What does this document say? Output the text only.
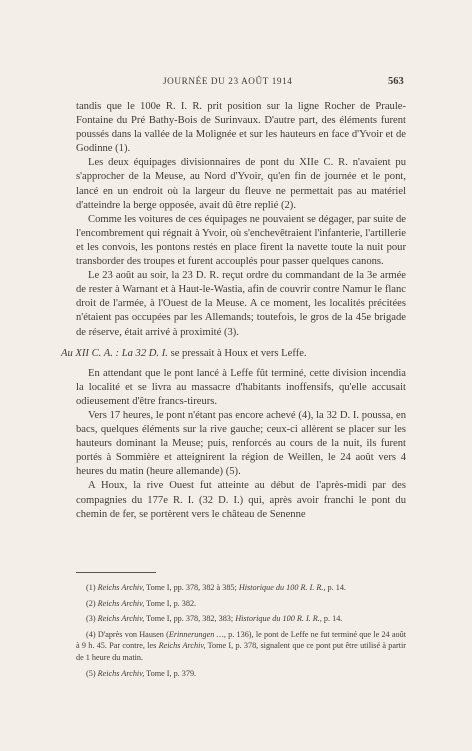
JOURNÉE DU 23 AOÛT 1914	563

tandis que le 100e R. I. R. prit position sur la ligne Rocher de Praule-Fontaine du Pré Bathy-Bois de Surinvaux. D'autre part, des éléments furent poussés dans la vallée de la Molignée et sur les hauteurs en face d'Yvoir et de Godinne (1).

Les deux équipages divisionnaires de pont du XIIe C. R. n'avaient pu s'approcher de la Meuse, au Nord d'Yvoir, qu'en fin de journée et le pont, lancé en un endroit où la largeur du fleuve ne permettait pas au matériel d'atteindre la berge opposée, avait dû être replié (2).

Comme les voitures de ces équipages ne pouvaient se dégager, par suite de l'encombrement qui régnait à Yvoir, où s'enchevêtraient l'infanterie, l'artillerie et les convois, les pontons restés en place firent la navette toute la nuit pour transborder des troupes et furent accouplés pour passer quelques canons.

Le 23 août au soir, la 23 D. R. reçut ordre du commandant de la 3e armée de rester à Warnant et à Haut-le-Wastia, afin de couvrir contre Namur le flanc droit de l'armée, à l'Ouest de la Meuse. A ce moment, les localités précitées n'étaient pas occupées par les Allemands; toutefois, le gros de la 45e brigade de réserve, était arrivé à proximité (3).

Au XII C. A. : La 32 D. I. se pressait à Houx et vers Leffe.

En attendant que le pont lancé à Leffe fût terminé, cette division incendia la localité et se livra au massacre d'habitants inoffensifs, qu'elle accusait odieusement d'être francs-tireurs.

Vers 17 heures, le pont n'étant pas encore achevé (4), la 32 D. I. poussa, en bacs, quelques éléments sur la rive gauche; ceux-ci allèrent se placer sur les hauteurs dominant la Meuse; puis, renforcés au cours de la nuit, ils furent portés à Sommière et atteignirent la région de Weillen, le 24 août vers 4 heures du matin (heure allemande) (5).

A Houx, la rive Ouest fut atteinte au début de l'après-midi par des compagnies du 177e R. I. (32 D. I.) qui, après avoir franchi le pont du chemin de fer, se portèrent vers le château de Senenne

(1) Reichs Archiv, Tome I, pp. 378, 382 à 385; Historique du 100 R. I. R., p. 14.

(2) Reichs Archiv, Tome I, p. 382.

(3) Reichs Archiv, Tome I, pp. 378, 382, 383; Historique du 100 R. I. R., p. 14.

(4) D'après von Hausen (Erinnerungen …, p. 136), le pont de Leffe ne fut terminé que le 24 août à 9 h. 45. Par contre, les Reichs Archiv, Tome I, p. 378, signalent que ce pont put être utilisé à partir de 1 heure du matin.

(5) Reichs Archiv, Tome I, p. 379.
